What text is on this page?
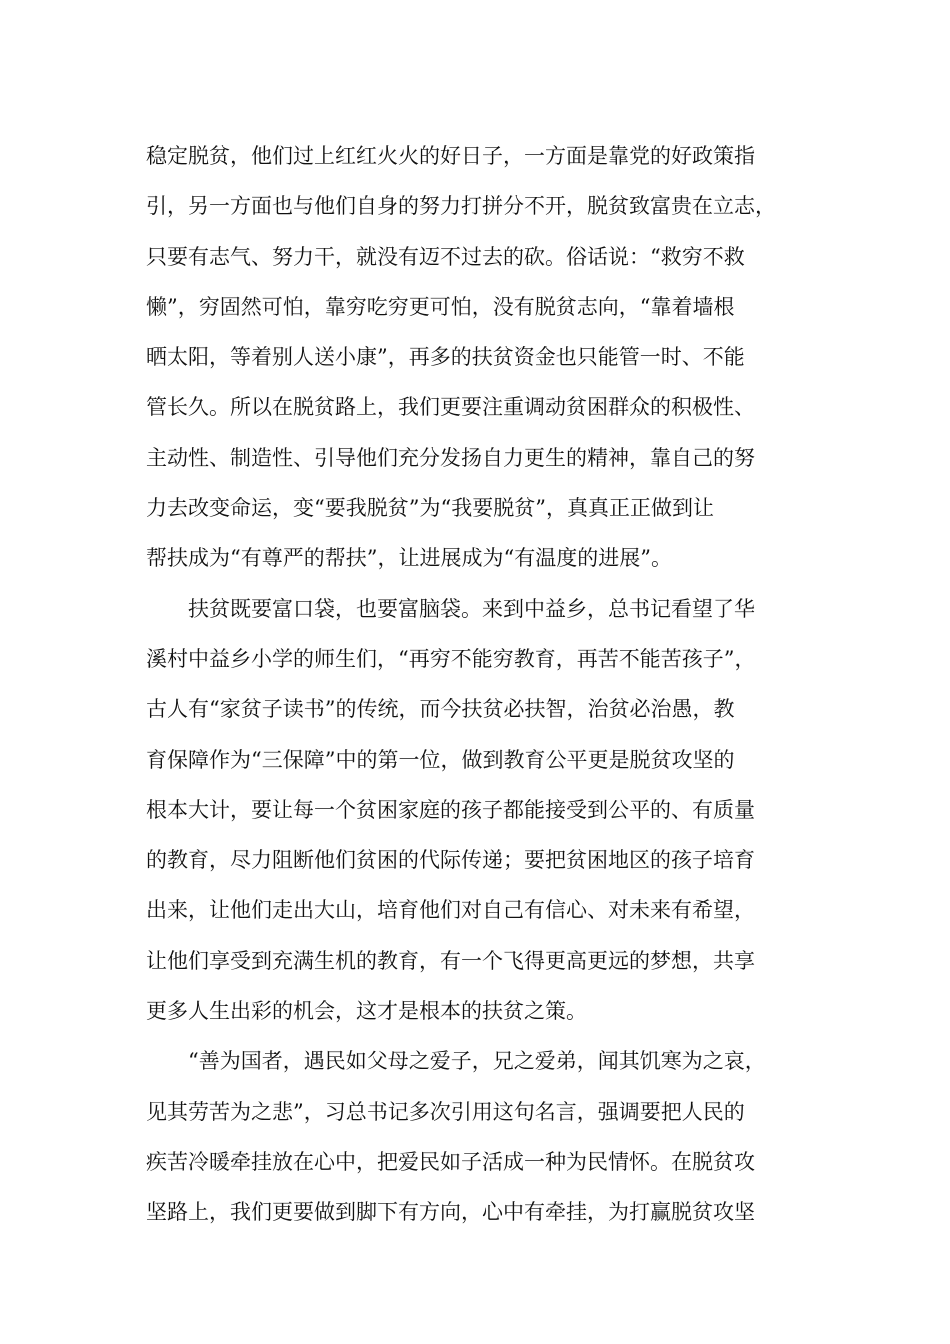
稳定脱贫，他们过上红红火火的好日子，一方面是靠党的好政策指
引，另一方面也与他们自身的努力打拼分不开，脱贫致富贵在立志，
只要有志气、努力干，就没有迈不过去的砍。俗话说：“救穷不救
懒”，穷固然可怕，靠穷吃穷更可怕，没有脱贫志向，“靠着墙根
晒太阳，等着别人送小康”，再多的扶贫资金也只能管一时、不能
管长久。所以在脱贫路上，我们更要注重调动贫困群众的积极性、
主动性、制造性、引导他们充分发扬自力更生的精神，靠自己的努
力去改变命运，变“要我脱贫”为“我要脱贫”，真真正正做到让
帮扶成为“有尊严的帮扶”，让进展成为“有温度的进展”。
扶贫既要富口袋，也要富脑袋。来到中益乡，总书记看望了华
溪村中益乡小学的师生们，“再穷不能穷教育，再苦不能苦孩子”，
古人有“家贫子读书”的传统，而今扶贫必扶智，治贫必治愚，教
育保障作为“三保障”中的第一位，做到教育公平更是脱贫攻坚的
根本大计，要让每一个贫困家庭的孩子都能接受到公平的、有质量
的教育，尽力阻断他们贫困的代际传递；要把贫困地区的孩子培育
出来，让他们走出大山，培育他们对自己有信心、对未来有希望，
让他们享受到充满生机的教育，有一个飞得更高更远的梦想，共享
更多人生出彩的机会，这才是根本的扶贫之策。
“善为国者，遇民如父母之爱子，兄之爱弟，闻其饥寒为之哀，
见其劳苦为之悲”，习总书记多次引用这句名言，强调要把人民的
疾苦冷暖牵挂放在心中，把爱民如子活成一种为民情怀。在脱贫攻
坚路上，我们更要做到脚下有方向，心中有牵挂，为打赢脱贫攻坚
